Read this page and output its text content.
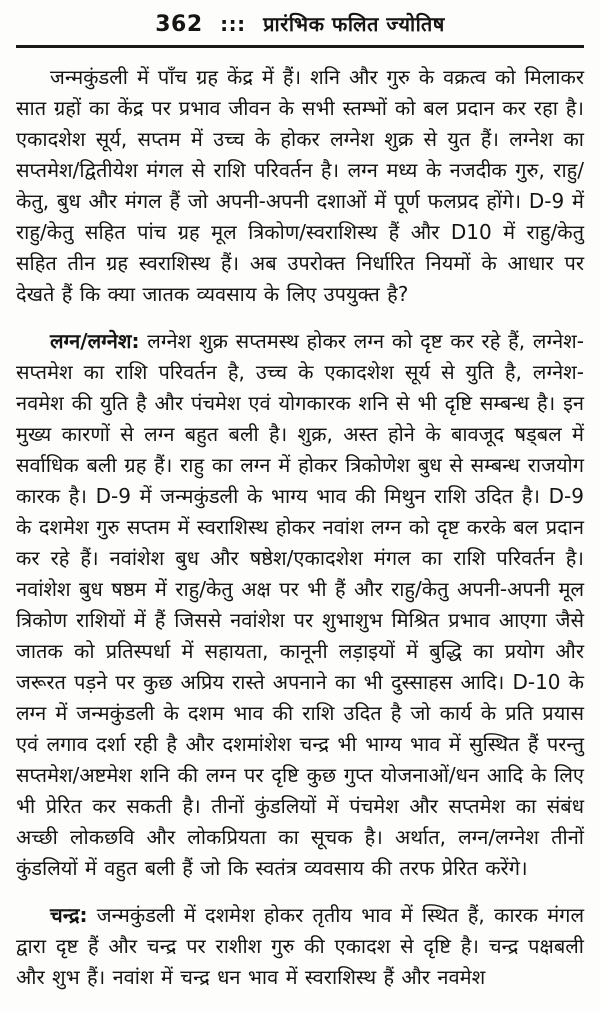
362 ::: प्रारंभिक फलित ज्योतिष

जन्मकुंडली में पाँच ग्रह केंद्र में हैं। शनि और गुरु के वक्रत्व को मिलाकर सात ग्रहों का केंद्र पर प्रभाव जीवन के सभी स्तम्भों को बल प्रदान कर रहा है। एकादशेश सूर्य, सप्तम में उच्च के होकर लग्नेश शुक्र से युत हैं। लग्नेश का सप्तमेश/द्वितीयेश मंगल से राशि परिवर्तन है। लग्न मध्य के नजदीक गुरु, राहु/केतु, बुध और मंगल हैं जो अपनी-अपनी दशाओं में पूर्ण फलप्रद होंगे। D-9 में राहु/केतु सहित पांच ग्रह मूल त्रिकोण/स्वराशिस्थ हैं और D10 में राहु/केतु सहित तीन ग्रह स्वराशिस्थ हैं। अब उपरोक्त निर्धारित नियमों के आधार पर देखते हैं कि क्या जातक व्यवसाय के लिए उपयुक्त है?

लग्न/लग्नेश: लग्नेश शुक्र सप्तमस्थ होकर लग्न को दृष्ट कर रहे हैं, लग्नेश-सप्तमेश का राशि परिवर्तन है, उच्च के एकादशेश सूर्य से युति है, लग्नेश-नवमेश की युति है और पंचमेश एवं योगकारक शनि से भी दृष्टि सम्बन्ध है। इन मुख्य कारणों से लग्न बहुत बली है। शुक्र, अस्त होने के बावजूद षड्बल में सर्वाधिक बली ग्रह हैं। राहु का लग्न में होकर त्रिकोणेश बुध से सम्बन्ध राजयोग कारक है। D-9 में जन्मकुंडली के भाग्य भाव की मिथुन राशि उदित है। D-9 के दशमेश गुरु सप्तम में स्वराशिस्थ होकर नवांश लग्न को दृष्ट करके बल प्रदान कर रहे हैं। नवांशेश बुध और षष्ठेश/एकादशेश मंगल का राशि परिवर्तन है। नवांशेश बुध षष्ठम में राहु/केतु अक्ष पर भी हैं और राहु/केतु अपनी-अपनी मूल त्रिकोण राशियों में हैं जिससे नवांशेश पर शुभाशुभ मिश्रित प्रभाव आएगा जैसे जातक को प्रतिस्पर्धा में सहायता, कानूनी लड़ाइयों में बुद्धि का प्रयोग और जरूरत पड़ने पर कुछ अप्रिय रास्ते अपनाने का भी दुस्साहस आदि। D-10 के लग्न में जन्मकुंडली के दशम भाव की राशि उदित है जो कार्य के प्रति प्रयास एवं लगाव दर्शा रही है और दशमांशेश चन्द्र भी भाग्य भाव में सुस्थित हैं परन्तु सप्तमेश/अष्टमेश शनि की लग्न पर दृष्टि कुछ गुप्त योजनाओं/धन आदि के लिए भी प्रेरित कर सकती है। तीनों कुंडलियों में पंचमेश और सप्तमेश का संबंध अच्छी लोकछवि और लोकप्रियता का सूचक है। अर्थात, लग्न/लग्नेश तीनों कुंडलियों में वहुत बली हैं जो कि स्वतंत्र व्यवसाय की तरफ प्रेरित करेंगे।

चन्द्र: जन्मकुंडली में दशमेश होकर तृतीय भाव में स्थित हैं, कारक मंगल द्वारा दृष्ट हैं और चन्द्र पर राशीश गुरु की एकादश से दृष्टि है। चन्द्र पक्षबली और शुभ हैं। नवांश में चन्द्र धन भाव में स्वराशिस्थ हैं और नवमेश
